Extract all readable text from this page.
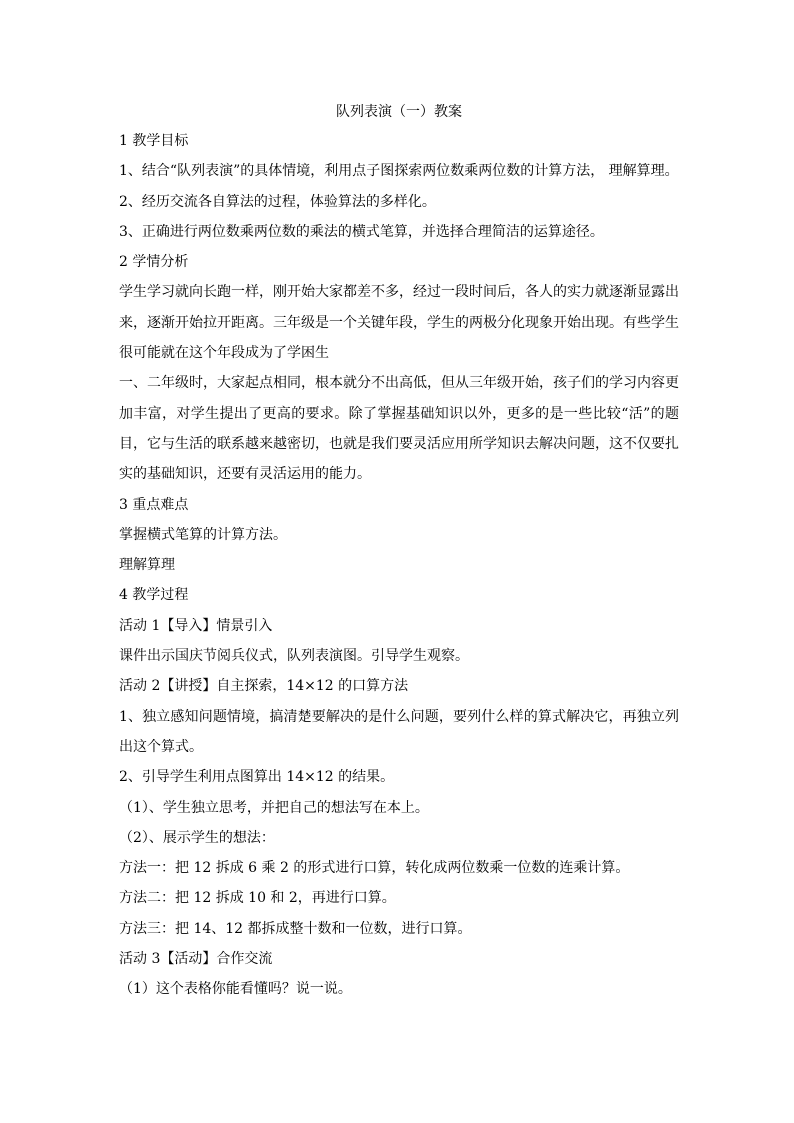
队列表演（一）教案

1 教学目标

1、结合“队列表演”的具体情境，利用点子图探索两位数乘两位数的计算方法， 理解算理。

2、经历交流各自算法的过程，体验算法的多样化。

3、正确进行两位数乘两位数的乘法的横式笔算，并选择合理简洁的运算途径。

2 学情分析

学生学习就向长跑一样，刚开始大家都差不多，经过一段时间后，各人的实力就逐渐显露出来，逐渐开始拉开距离。三年级是一个关键年段，学生的两极分化现象开始出现。有些学生很可能就在这个年段成为了学困生

一、二年级时，大家起点相同，根本就分不出高低，但从三年级开始，孩子们的学习内容更加丰富，对学生提出了更高的要求。除了掌握基础知识以外，更多的是一些比较“活”的题目，它与生活的联系越来越密切，也就是我们要灵活应用所学知识去解决问题，这不仅要扎实的基础知识，还要有灵活运用的能力。

3 重点难点

掌握横式笔算的计算方法。

理解算理

4 教学过程

活动 1【导入】情景引入

课件出示国庆节阅兵仪式，队列表演图。引导学生观察。

活动 2【讲授】自主探索，14×12 的口算方法

1、独立感知问题情境，搞清楚要解决的是什么问题，要列什么样的算式解决它，再独立列出这个算式。

2、引导学生利用点图算出 14×12 的结果。

（1）、学生独立思考，并把自己的想法写在本上。

（2）、展示学生的想法：

方法一：把 12 拆成 6 乘 2 的形式进行口算，转化成两位数乘一位数的连乘计算。

方法二：把 12 拆成 10 和 2，再进行口算。

方法三：把 14、12 都拆成整十数和一位数，进行口算。

活动 3【活动】合作交流

（1）这个表格你能看懂吗？说一说。
